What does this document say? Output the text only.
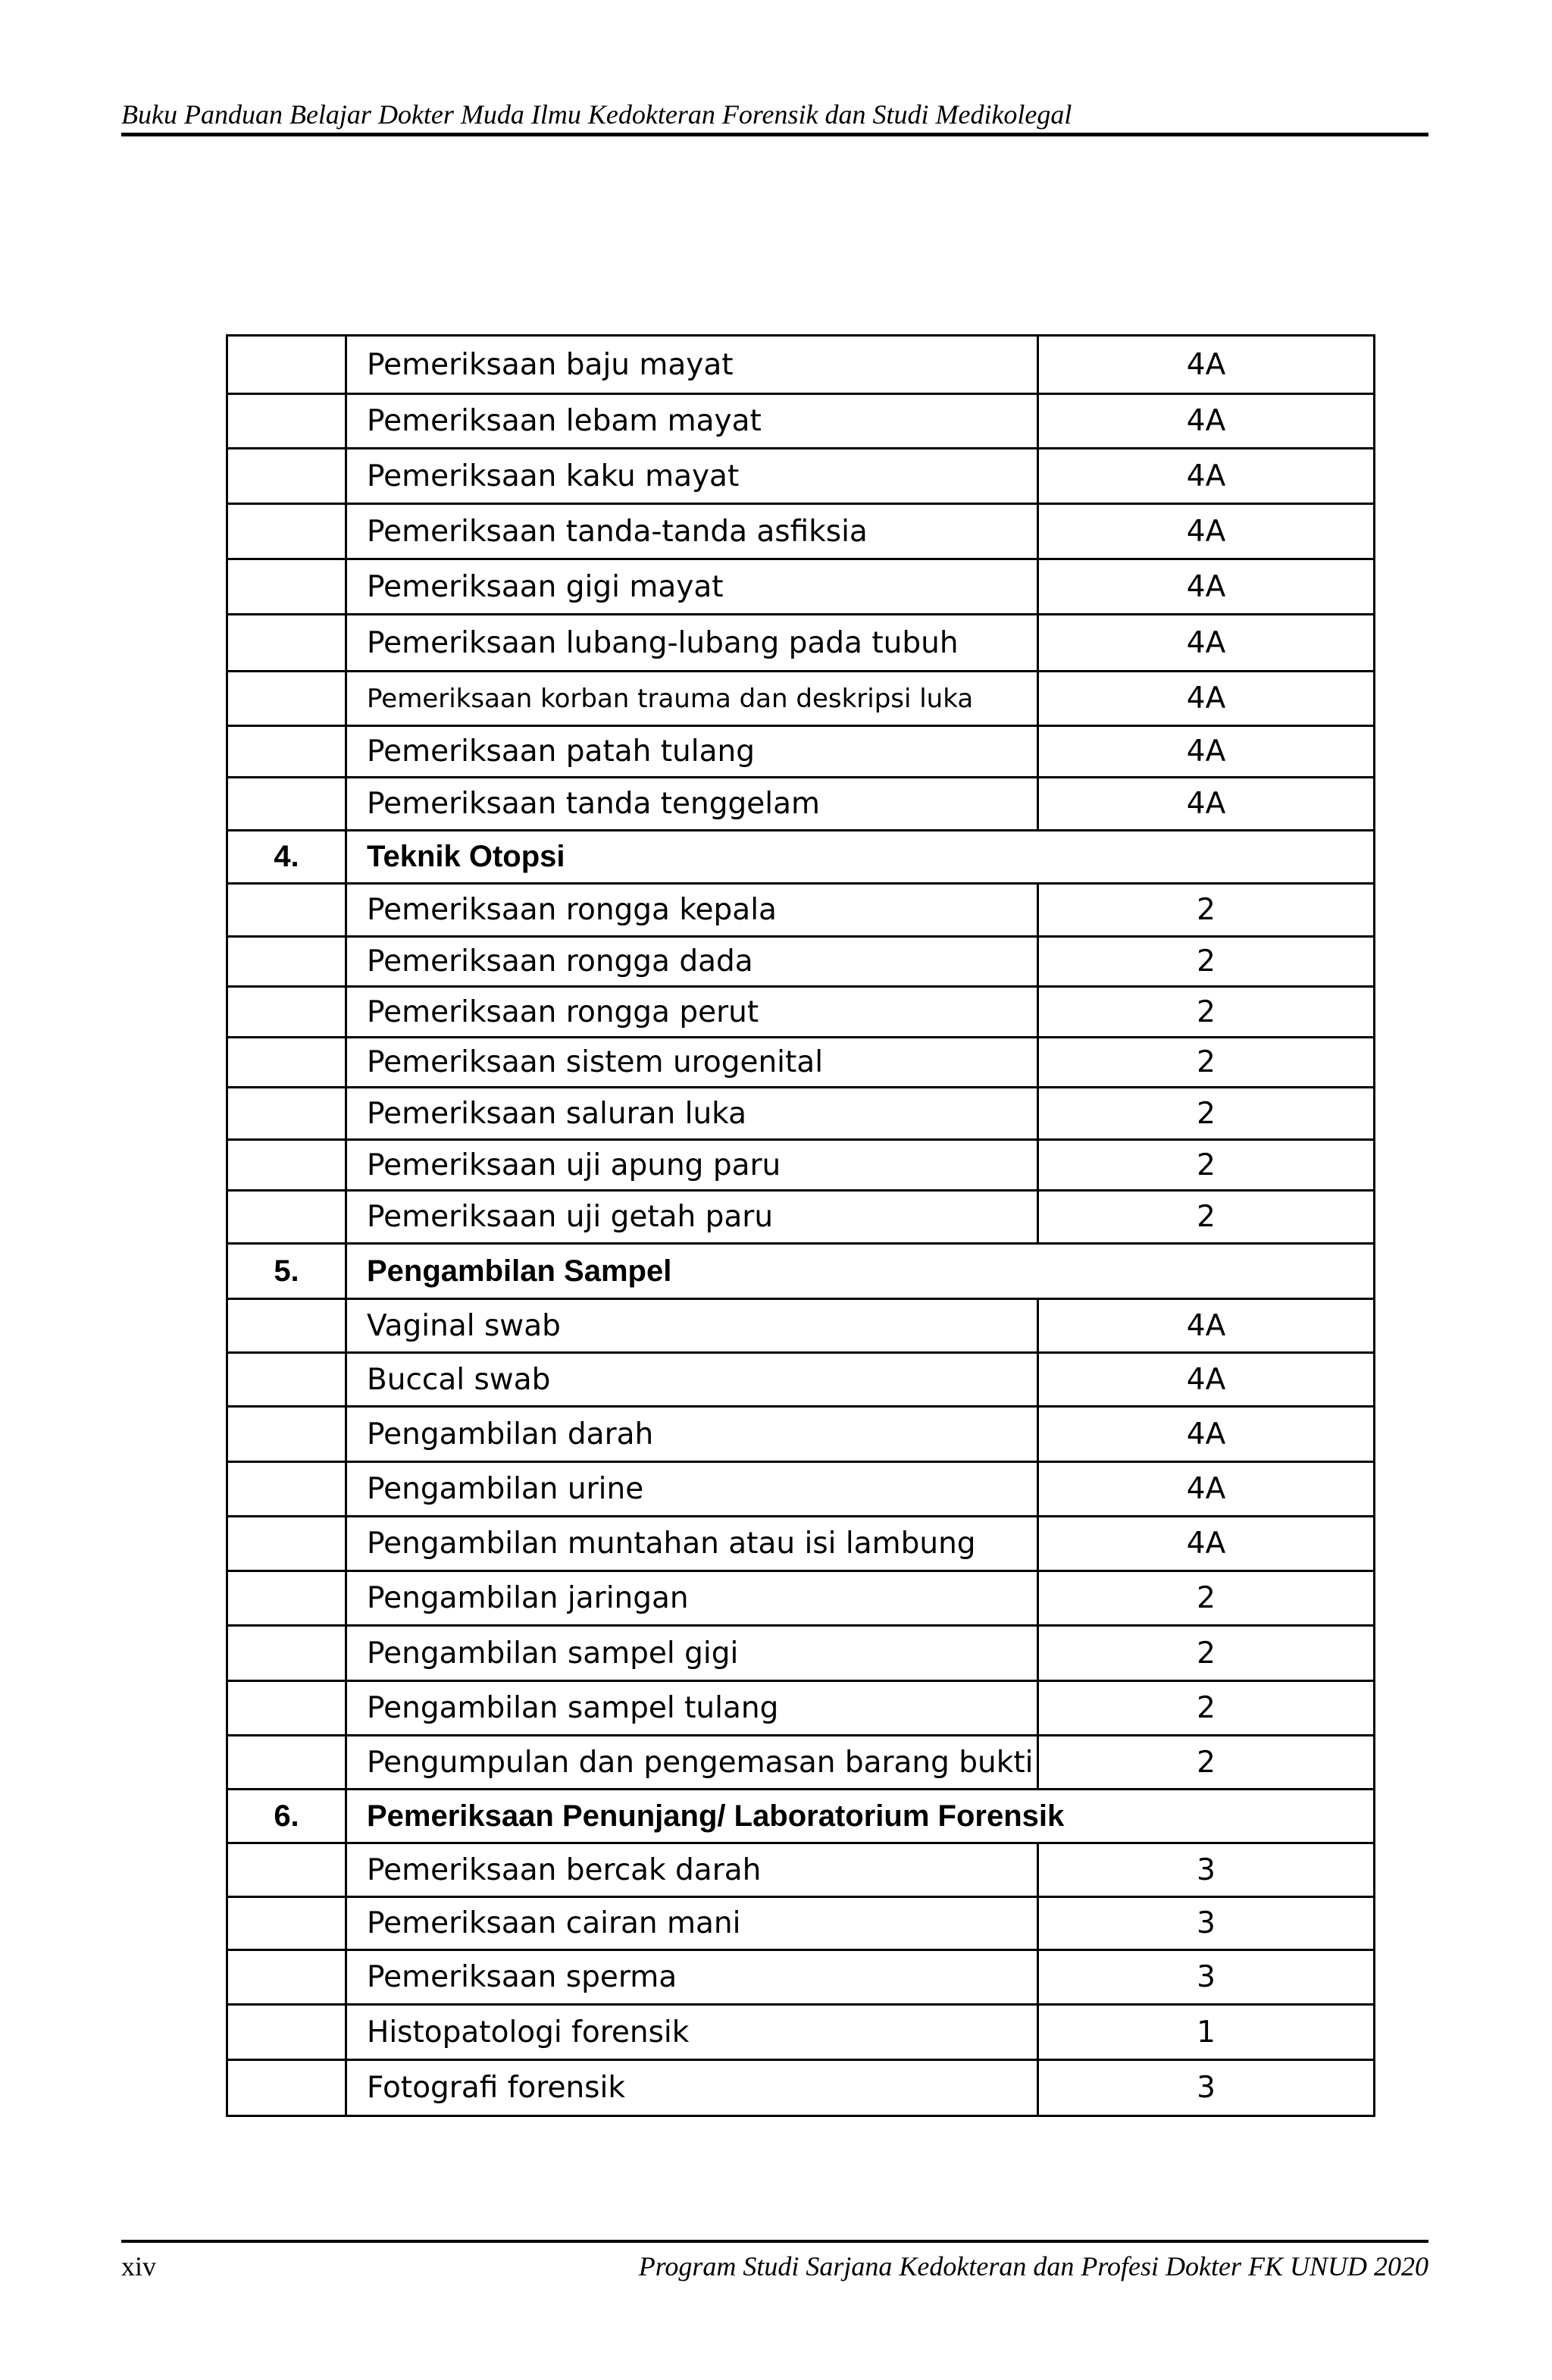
Buku Panduan Belajar Dokter Muda Ilmu Kedokteran Forensik dan Studi Medikolegal
	Pemeriksaan baju mayat	4A
	Pemeriksaan lebam mayat	4A
	Pemeriksaan kaku mayat	4A
	Pemeriksaan tanda-tanda asfiksia	4A
	Pemeriksaan gigi mayat	4A
	Pemeriksaan lubang-lubang pada tubuh	4A
	Pemeriksaan korban trauma dan deskripsi luka	4A
	Pemeriksaan patah tulang	4A
	Pemeriksaan tanda tenggelam	4A
4.	Teknik Otopsi	
	Pemeriksaan rongga kepala	2
	Pemeriksaan rongga dada	2
	Pemeriksaan rongga perut	2
	Pemeriksaan sistem urogenital	2
	Pemeriksaan saluran luka	2
	Pemeriksaan uji apung paru	2
	Pemeriksaan uji getah paru	2
5.	Pengambilan Sampel	
	Vaginal swab	4A
	Buccal swab	4A
	Pengambilan darah	4A
	Pengambilan urine	4A
	Pengambilan muntahan atau isi lambung	4A
	Pengambilan jaringan	2
	Pengambilan sampel gigi	2
	Pengambilan sampel tulang	2
	Pengumpulan dan pengemasan barang bukti	2
6.	Pemeriksaan Penunjang/ Laboratorium Forensik	
	Pemeriksaan bercak darah	3
	Pemeriksaan cairan mani	3
	Pemeriksaan sperma	3
	Histopatologi forensik	1
	Fotografi forensik	3
xiv	Program Studi Sarjana Kedokteran dan Profesi Dokter FK UNUD 2020
